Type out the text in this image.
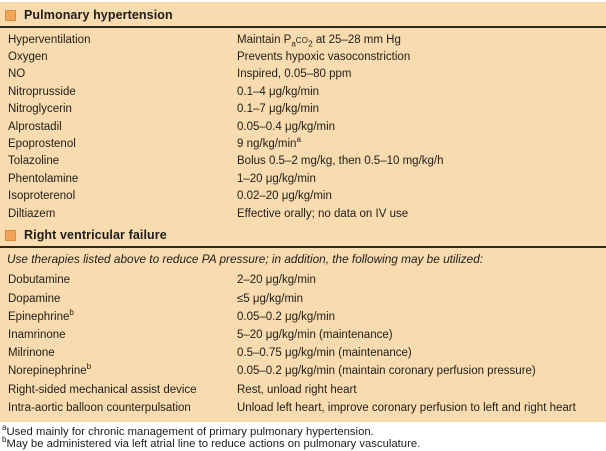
Pulmonary hypertension
Hyperventilation	Maintain $P_aco_2$ at 25–28 mm Hg
Oxygen	Prevents hypoxic vasoconstriction
NO	Inspired, 0.05–80 ppm
Nitroprusside	0.1–4 μg/kg/min
Nitroglycerin	0.1–7 μg/kg/min
Alprostadil	0.05–0.4 μg/kg/min
Epoprostenol	9 $ng/kg/\min^a$
Tolazoline	Bolus 0.5–2 mg/kg, then 0.5–10 mg/kg/h
Phentolamine	1–20 μg/kg/min
Isoproterenol	0.02–20 μg/kg/min
Diltiazem	Effective orally; no data on IV use
Right ventricular failure
Use therapies listed above to reduce PA pressure; in addition, the following may be utilized:
Dobutamine	2–20 μg/kg/min
Dopamine	≤5 μg/kg/min
Epinephrine$^b$	0.05–0.2 μg/kg/min
Inamrinone	5–20 μg/kg/min (maintenance)
Milrinone	0.5–0.75 μg/kg/min (maintenance)
Norepinephrine$^b$	0.05–0.2 μg/kg/min (maintain coronary perfusion pressure)
Right-sided mechanical assist device	Rest, unload right heart
Intra-aortic balloon counterpulsation	Unload left heart, improve coronary perfusion to left and right heart
$^a$Used mainly for chronic management of primary pulmonary hypertension.
$^b$May be administered via left atrial line to reduce actions on pulmonary vasculature.
